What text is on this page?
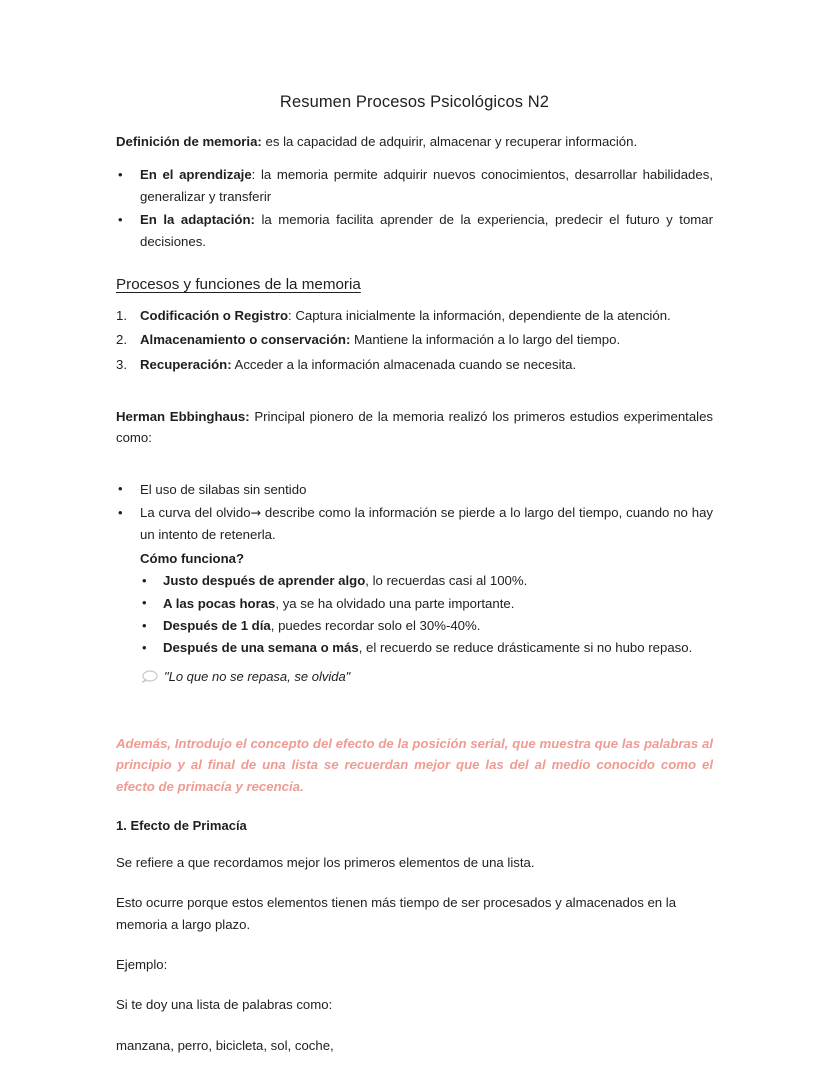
Resumen Procesos Psicológicos N2

Definición de memoria: es la capacidad de adquirir, almacenar y recuperar información.

• En el aprendizaje: la memoria permite adquirir nuevos conocimientos, desarrollar habilidades, generalizar y transferir
• En la adaptación: la memoria facilita aprender de la experiencia, predecir el futuro y tomar decisiones.
Procesos y funciones de la memoria
Codificación o Registro: Captura inicialmente la información, dependiente de la atención.
Almacenamiento o conservación: Mantiene la información a lo largo del tiempo.
Recuperación: Acceder a la información almacenada cuando se necesita.

Herman Ebbinghaus: Principal pionero de la memoria realizó los primeros estudios experimentales como:

• El uso de silabas sin sentido
• La curva del olvido→ describe como la información se pierde a lo largo del tiempo, cuando no hay un intento de retenerla.

Cómo funciona?

• Justo después de aprender algo, lo recuerdas casi al 100%.
• A las pocas horas, ya se ha olvidado una parte importante.
• Después de 1 día, puedes recordar solo el 30%-40%.
• Después de una semana o más, el recuerdo se reduce drásticamente si no hubo repaso.
"Lo que no se repasa, se olvida"

Además, Introdujo el concepto del efecto de la posición serial, que muestra que las palabras al principio y al final de una lista se recuerdan mejor que las del al medio conocido como el efecto de primacía y recencia.

1. Efecto de Primacía

Se refiere a que recordamos mejor los primeros elementos de una lista.

Esto ocurre porque estos elementos tienen más tiempo de ser procesados y almacenados en la memoria a largo plazo.

Ejemplo:

Si te doy una lista de palabras como:

manzana, perro, bicicleta, sol, coche,
